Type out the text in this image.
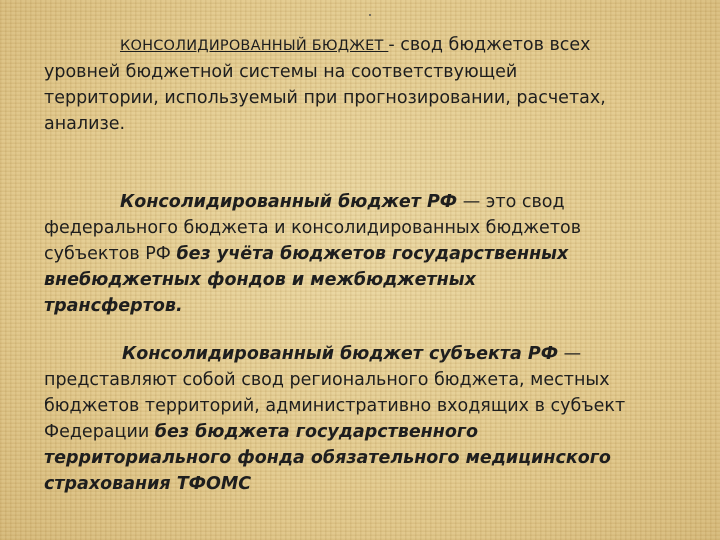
КОНСОЛИДИРОВАННЫЙ БЮДЖЕТ - свод бюджетов всех
уровней бюджетной системы на соответствующей
территории, используемый при прогнозировании, расчетах,
анализе.
Консолидированный бюджет РФ — это свод
федерального бюджета и консолидированных бюджетов
субъектов РФ без учёта бюджетов государственных
внебюджетных фондов и межбюджетных
трансфертов.
Консолидированный бюджет субъекта РФ —
представляют собой свод регионального бюджета, местных
бюджетов территорий, административно входящих в субъект
Федерации без бюджета государственного
территориального фонда обязательного медицинского
страхования ТФОМС
